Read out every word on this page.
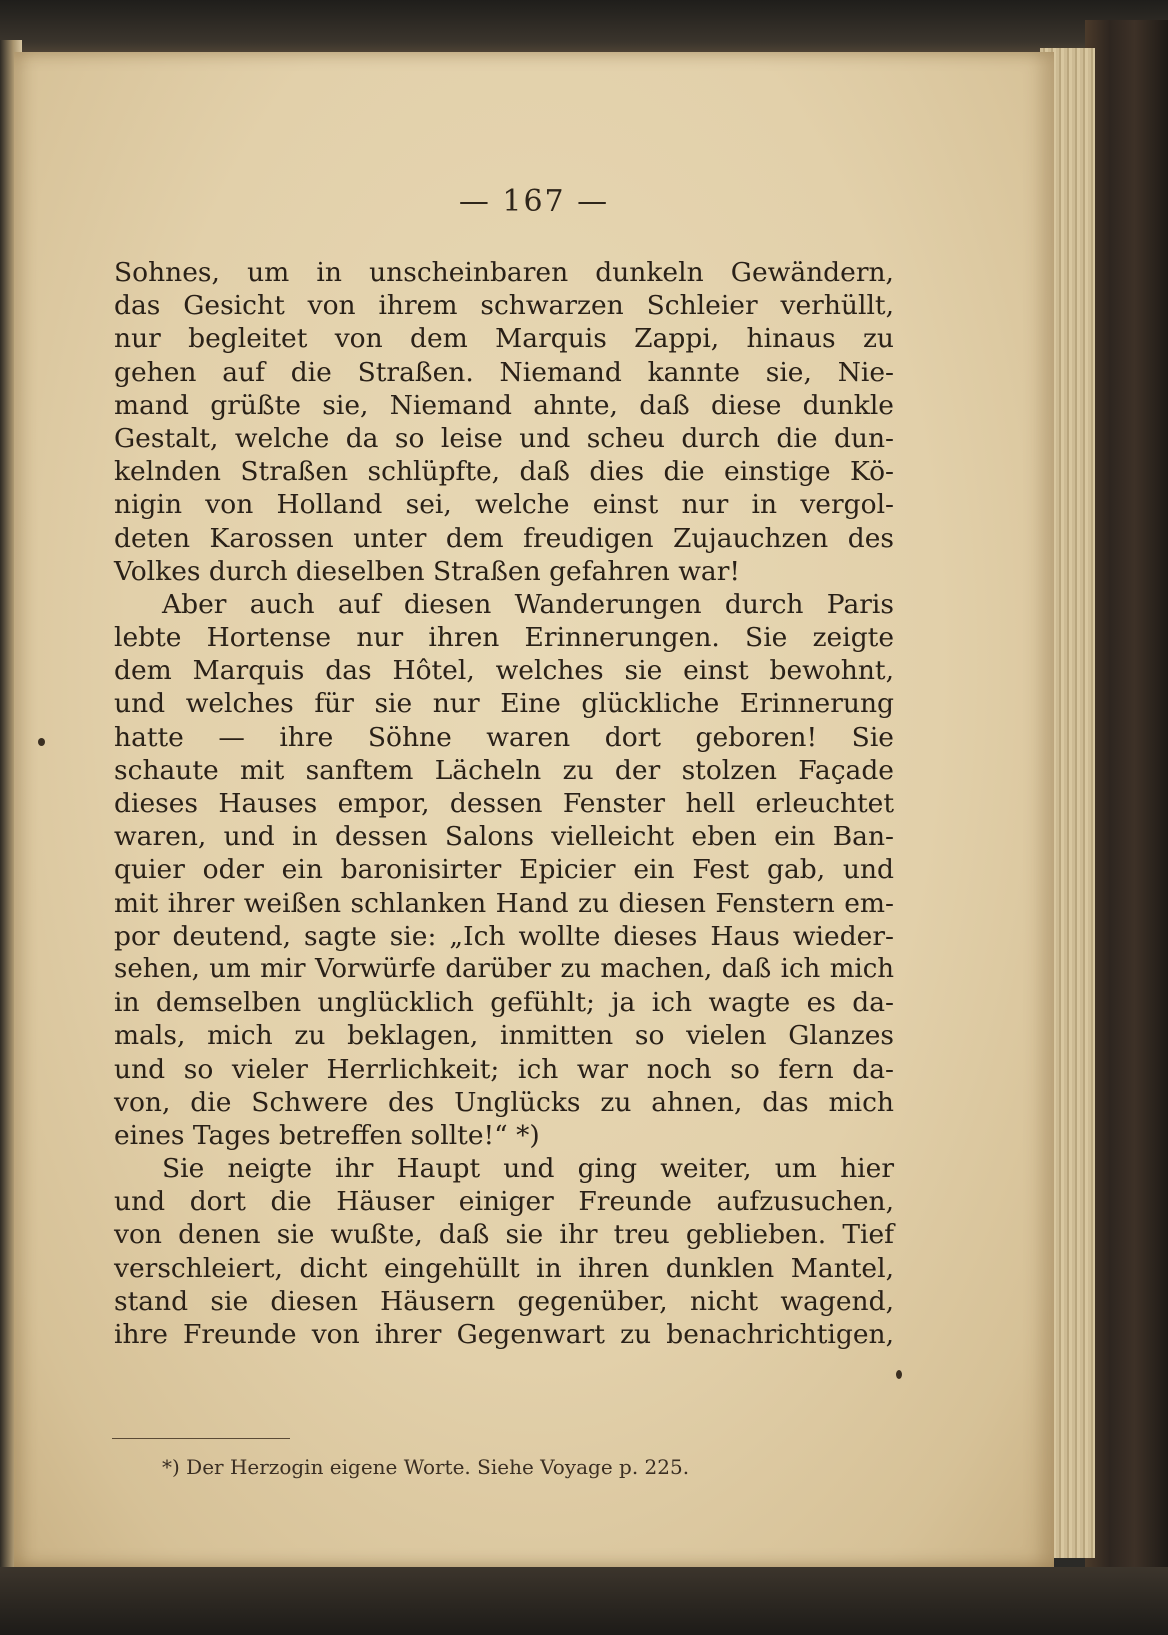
— 167 —
Sohnes, um in unscheinbaren dunkeln Gewändern,
das Gesicht von ihrem schwarzen Schleier verhüllt,
nur begleitet von dem Marquis Zappi, hinaus zu
gehen auf die Straßen. Niemand kannte sie, Nie-
mand grüßte sie, Niemand ahnte, daß diese dunkle
Gestalt, welche da so leise und scheu durch die dun-
kelnden Straßen schlüpfte, daß dies die einstige Kö-
nigin von Holland sei, welche einst nur in vergol-
deten Karossen unter dem freudigen Zujauchzen des
Volkes durch dieselben Straßen gefahren war!
Aber auch auf diesen Wanderungen durch Paris
lebte Hortense nur ihren Erinnerungen. Sie zeigte
dem Marquis das Hôtel, welches sie einst bewohnt,
und welches für sie nur Eine glückliche Erinnerung
hatte — ihre Söhne waren dort geboren! Sie
schaute mit sanftem Lächeln zu der stolzen Façade
dieses Hauses empor, dessen Fenster hell erleuchtet
waren, und in dessen Salons vielleicht eben ein Ban-
quier oder ein baronisirter Epicier ein Fest gab, und
mit ihrer weißen schlanken Hand zu diesen Fenstern em-
por deutend, sagte sie: „Ich wollte dieses Haus wieder-
sehen, um mir Vorwürfe darüber zu machen, daß ich mich
in demselben unglücklich gefühlt; ja ich wagte es da-
mals, mich zu beklagen, inmitten so vielen Glanzes
und so vieler Herrlichkeit; ich war noch so fern da-
von, die Schwere des Unglücks zu ahnen, das mich
eines Tages betreffen sollte!“ *)
Sie neigte ihr Haupt und ging weiter, um hier
und dort die Häuser einiger Freunde aufzusuchen,
von denen sie wußte, daß sie ihr treu geblieben. Tief
verschleiert, dicht eingehüllt in ihren dunklen Mantel,
stand sie diesen Häusern gegenüber, nicht wagend,
ihre Freunde von ihrer Gegenwart zu benachrichtigen,
*) Der Herzogin eigene Worte. Siehe Voyage p. 225.
